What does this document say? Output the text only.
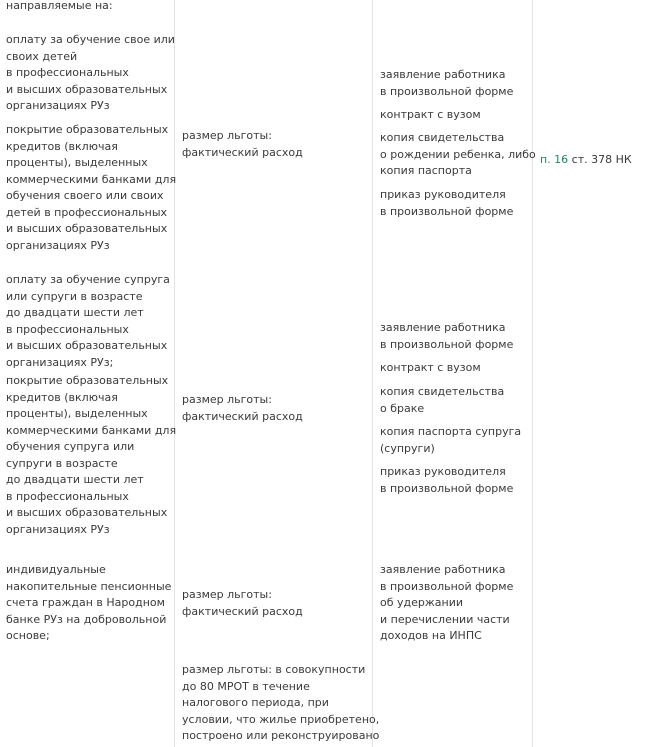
направляемые на:

оплату за обучение свое или
своих детей
в профессиональных
и высших образовательных
организациях РУз

покрытие образовательных
кредитов (включая
проценты), выделенных
коммерческими банками для
обучения своего или своих
детей в профессиональных
и высших образовательных
организациях РУз

размер льготы:
фактический расход

заявление работника
в произвольной форме

контракт с вузом

копия свидетельства
о рождении ребенка, либо
копия паспорта

приказ руководителя
в произвольной форме

п. 16 ст. 378 НК

оплату за обучение супруга
или супруги в возрасте
до двадцати шести лет
в профессиональных
и высших образовательных
организациях РУз;

покрытие образовательных
кредитов (включая
проценты), выделенных
коммерческими банками для
обучения супруга или
супруги в возрасте
до двадцати шести лет
в профессиональных
и высших образовательных
организациях РУз

размер льготы:
фактический расход

заявление работника
в произвольной форме

контракт с вузом

копия свидетельства
о браке

копия паспорта супруга
(супруги)

приказ руководителя
в произвольной форме

индивидуальные
накопительные пенсионные
счета граждан в Народном
банке РУз на добровольной
основе;

размер льготы:
фактический расход

заявление работника
в произвольной форме
об удержании
и перечислении части
доходов на ИНПС

размер льготы: в совокупности
до 80 МРОТ в течение
налогового периода, при
условии, что жилье приобретено,
построено или реконструировано
